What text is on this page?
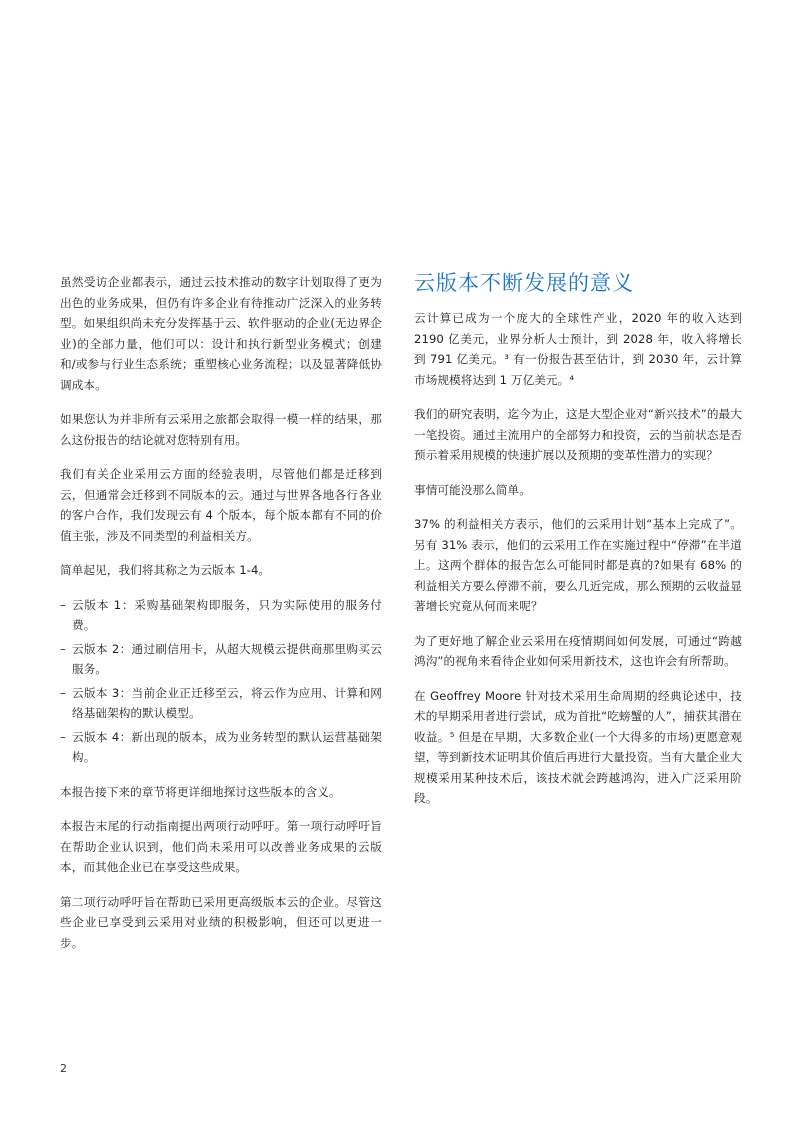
虽然受访企业都表示，通过云技术推动的数字计划取得了更为出色的业务成果，但仍有许多企业有待推动广泛深入的业务转型。如果组织尚未充分发挥基于云、软件驱动的企业(无边界企业)的全部力量，他们可以：设计和执行新型业务模式；创建和/或参与行业生态系统；重塑核心业务流程；以及显著降低协调成本。

如果您认为并非所有云采用之旅都会取得一模一样的结果，那么这份报告的结论就对您特别有用。

我们有关企业采用云方面的经验表明，尽管他们都是迁移到云，但通常会迁移到不同版本的云。通过与世界各地各行各业的客户合作，我们发现云有 4 个版本，每个版本都有不同的价值主张，涉及不同类型的利益相关方。

简单起见，我们将其称之为云版本 1-4。

– 云版本 1：采购基础架构即服务，只为实际使用的服务付费。
– 云版本 2：通过刷信用卡，从超大规模云提供商那里购买云服务。
– 云版本 3：当前企业正迁移至云，将云作为应用、计算和网络基础架构的默认模型。
– 云版本 4：新出现的版本，成为业务转型的默认运营基础架构。

本报告接下来的章节将更详细地探讨这些版本的含义。

本报告末尾的行动指南提出两项行动呼吁。第一项行动呼吁旨在帮助企业认识到，他们尚未采用可以改善业务成果的云版本，而其他企业已在享受这些成果。

第二项行动呼吁旨在帮助已采用更高级版本云的企业。尽管这些企业已享受到云采用对业绩的积极影响，但还可以更进一步。

云版本不断发展的意义

云计算已成为一个庞大的全球性产业，2020 年的收入达到 2190 亿美元，业界分析人士预计，到 2028 年，收入将增长到 791 亿美元。³ 有一份报告甚至估计，到 2030 年，云计算市场规模将达到 1 万亿美元。⁴

我们的研究表明，迄今为止，这是大型企业对“新兴技术”的最大一笔投资。通过主流用户的全部努力和投资，云的当前状态是否预示着采用规模的快速扩展以及预期的变革性潜力的实现？

事情可能没那么简单。

37% 的利益相关方表示，他们的云采用计划“基本上完成了”。另有 31% 表示，他们的云采用工作在实施过程中“停滞”在半道上。这两个群体的报告怎么可能同时都是真的?如果有 68% 的利益相关方要么停滞不前，要么几近完成，那么预期的云收益显著增长究竟从何而来呢？

为了更好地了解企业云采用在疫情期间如何发展，可通过“跨越鸿沟”的视角来看待企业如何采用新技术，这也许会有所帮助。

在 Geoffrey Moore 针对技术采用生命周期的经典论述中，技术的早期采用者进行尝试，成为首批“吃螃蟹的人”，捕获其潜在收益。⁵ 但是在早期，大多数企业(一个大得多的市场)更愿意观望，等到新技术证明其价值后再进行大量投资。当有大量企业大规模采用某种技术后，该技术就会跨越鸿沟，进入广泛采用阶段。

2
